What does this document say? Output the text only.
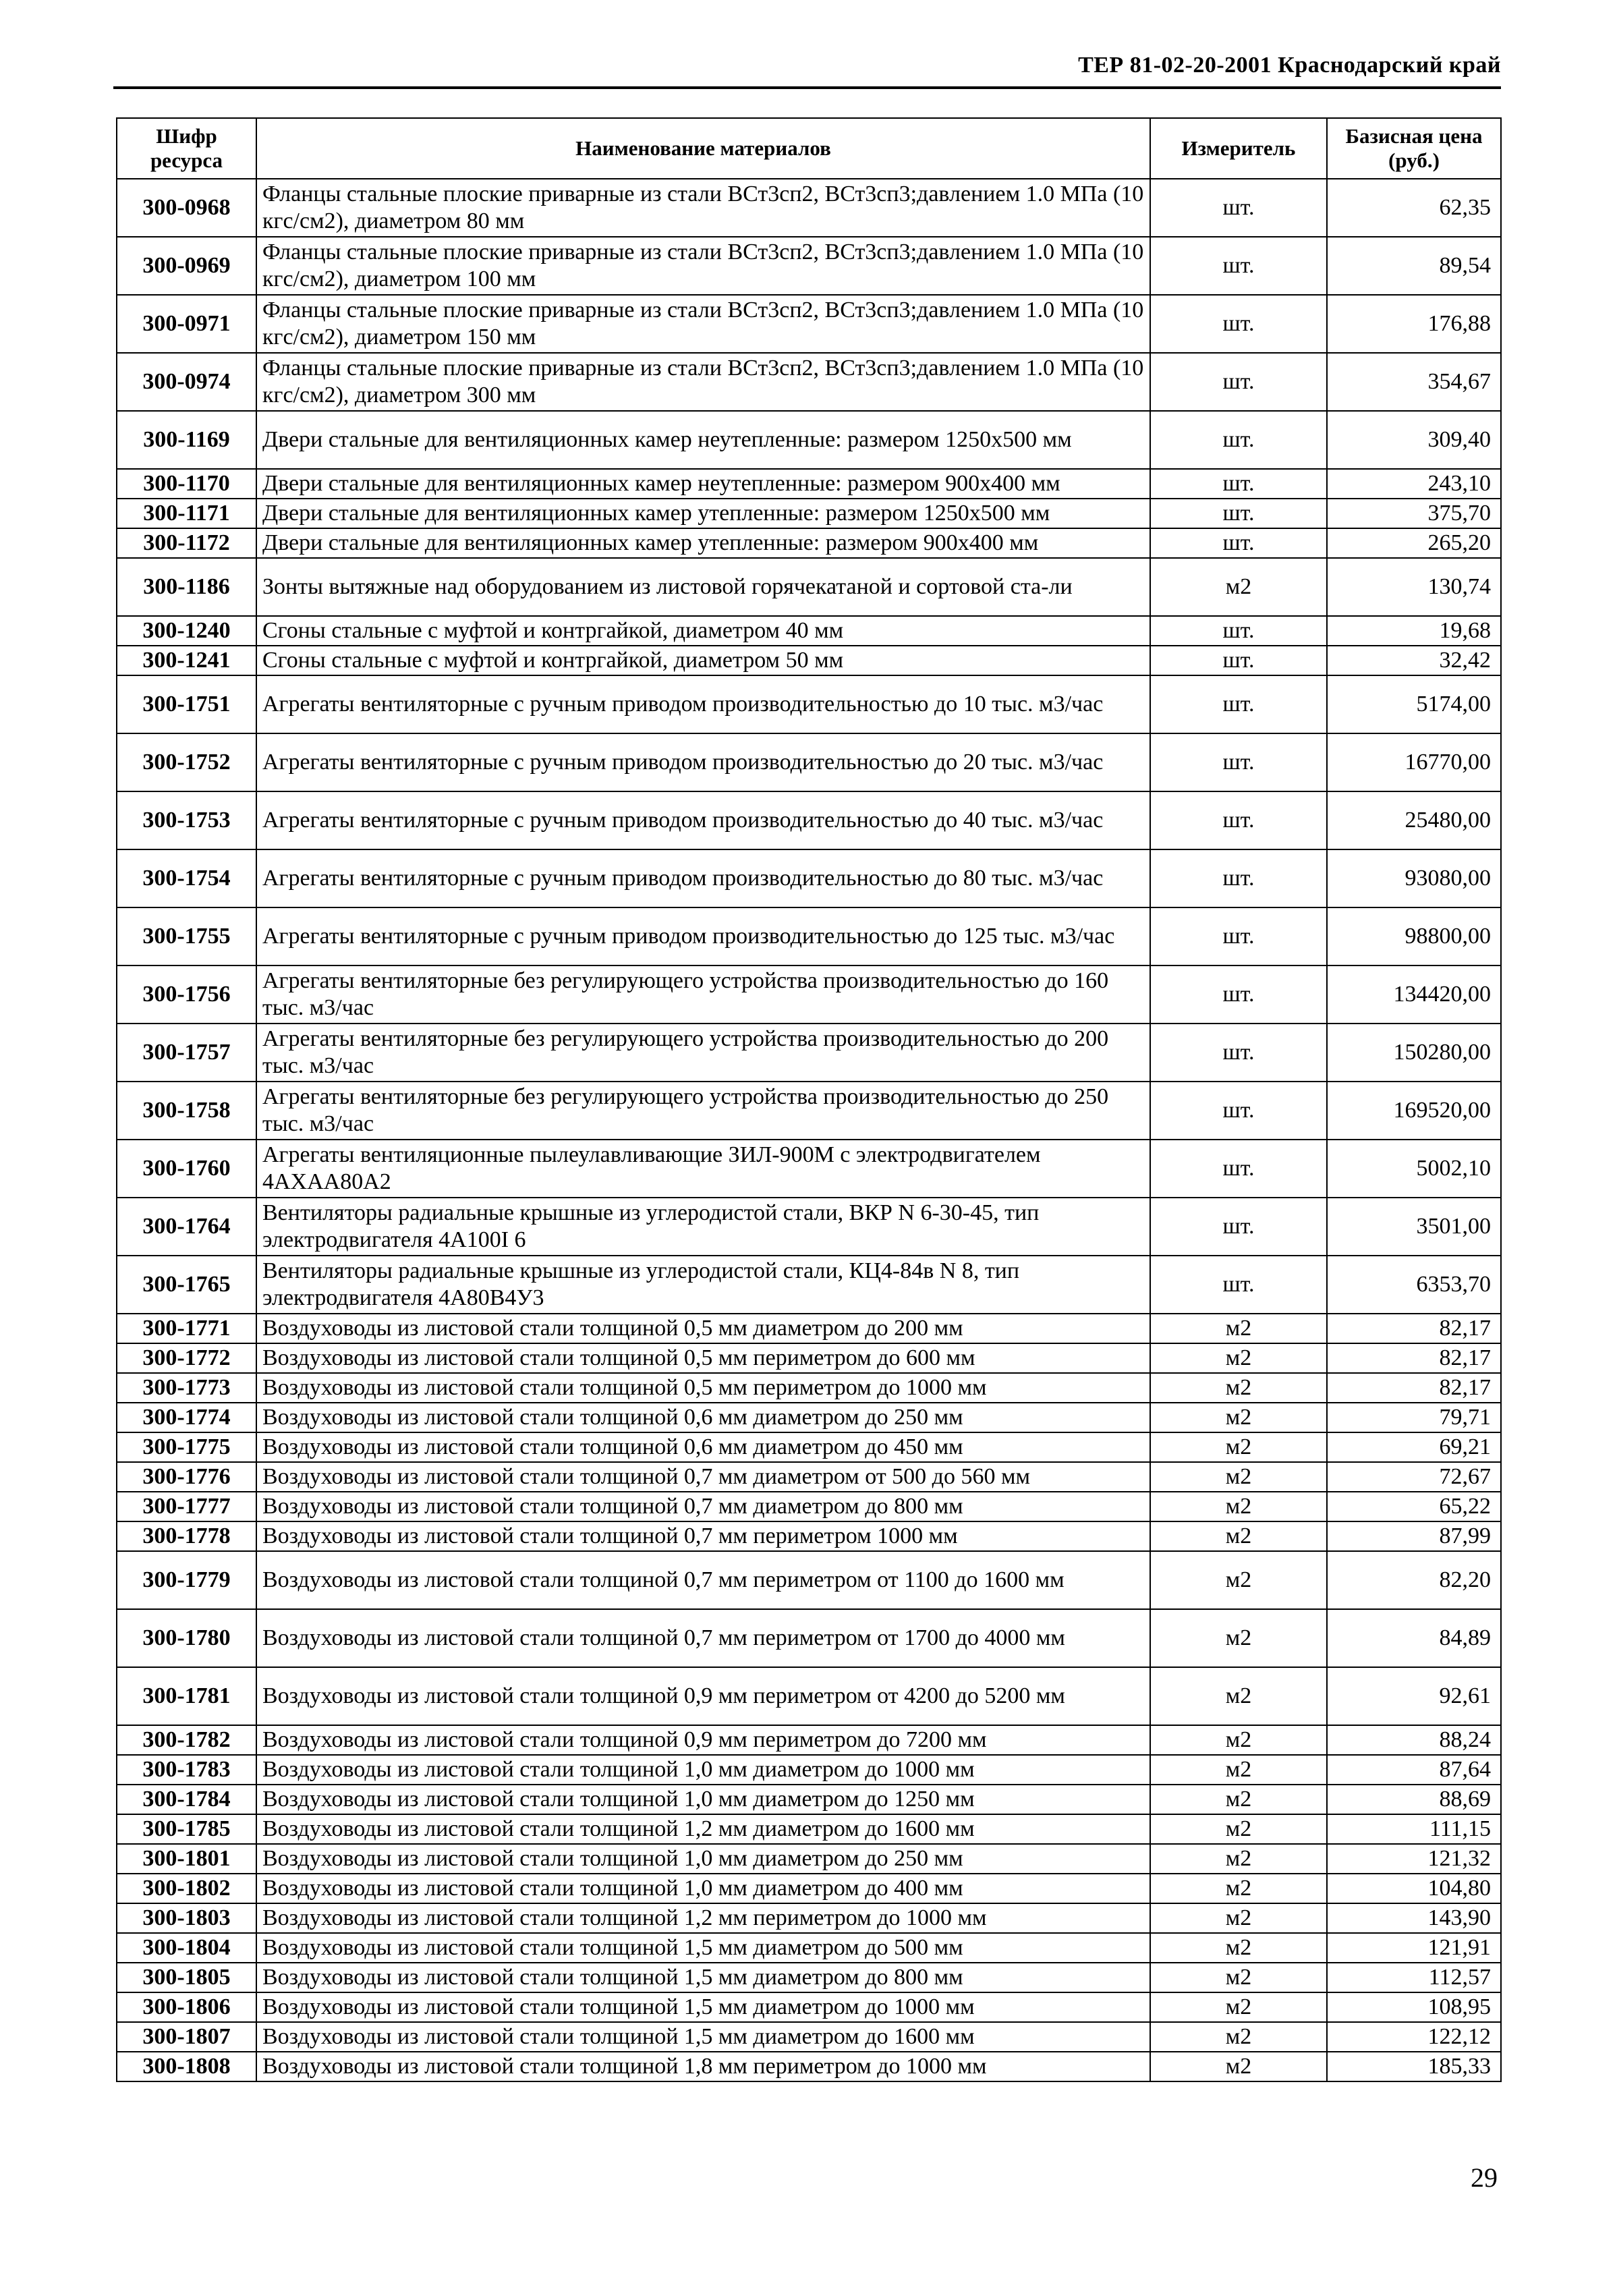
ТЕР 81-02-20-2001 Краснодарский край
Шифр ресурса	Наименование материалов	Измеритель	Базисная цена (руб.)
300-0968	Фланцы стальные плоские приварные из стали ВСт3сп2, ВСт3сп3;давлением 1.0 МПа (10 кгс/см2), диаметром 80 мм	шт.	62,35
300-0969	Фланцы стальные плоские приварные из стали ВСт3сп2, ВСт3сп3;давлением 1.0 МПа (10 кгс/см2), диаметром 100 мм	шт.	89,54
300-0971	Фланцы стальные плоские приварные из стали ВСт3сп2, ВСт3сп3;давлением 1.0 МПа (10 кгс/см2), диаметром 150 мм	шт.	176,88
300-0974	Фланцы стальные плоские приварные из стали ВСт3сп2, ВСт3сп3;давлением 1.0 МПа (10 кгс/см2), диаметром 300 мм	шт.	354,67
300-1169	Двери стальные для вентиляционных камер неутепленные: размером 1250х500 мм	шт.	309,40
300-1170	Двери стальные для вентиляционных камер неутепленные: размером 900х400 мм	шт.	243,10
300-1171	Двери стальные для вентиляционных камер утепленные: размером 1250х500 мм	шт.	375,70
300-1172	Двери стальные для вентиляционных камер утепленные: размером 900х400 мм	шт.	265,20
300-1186	Зонты вытяжные над оборудованием из листовой горячекатаной и сортовой ста-ли	м2	130,74
300-1240	Сгоны стальные с муфтой и контргайкой, диаметром 40 мм	шт.	19,68
300-1241	Сгоны стальные с муфтой и контргайкой, диаметром 50 мм	шт.	32,42
300-1751	Агрегаты вентиляторные с ручным приводом производительностью до 10 тыс. м3/час	шт.	5174,00
300-1752	Агрегаты вентиляторные с ручным приводом производительностью до 20 тыс. м3/час	шт.	16770,00
300-1753	Агрегаты вентиляторные с ручным приводом производительностью до 40 тыс. м3/час	шт.	25480,00
300-1754	Агрегаты вентиляторные с ручным приводом производительностью до 80 тыс. м3/час	шт.	93080,00
300-1755	Агрегаты вентиляторные с ручным приводом производительностью до 125 тыс. м3/час	шт.	98800,00
300-1756	Агрегаты вентиляторные без регулирующего устройства производительностью до 160 тыс. м3/час	шт.	134420,00
300-1757	Агрегаты вентиляторные без регулирующего устройства производительностью до 200 тыс. м3/час	шт.	150280,00
300-1758	Агрегаты вентиляторные без регулирующего устройства производительностью до 250 тыс. м3/час	шт.	169520,00
300-1760	Агрегаты вентиляционные пылеулавливающие ЗИЛ-900М с электродвигателем 4АХАА80А2	шт.	5002,10
300-1764	Вентиляторы радиальные крышные из углеродистой стали, ВКР N 6-30-45, тип электродвигателя 4А100I 6	шт.	3501,00
300-1765	Вентиляторы радиальные крышные из углеродистой стали, КЦ4-84в N 8, тип электродвигателя 4А80В4У3	шт.	6353,70
300-1771	Воздуховоды из листовой стали толщиной 0,5 мм диаметром до 200 мм	м2	82,17
300-1772	Воздуховоды из листовой стали толщиной 0,5 мм периметром до 600 мм	м2	82,17
300-1773	Воздуховоды из листовой стали толщиной 0,5 мм периметром до 1000 мм	м2	82,17
300-1774	Воздуховоды из листовой стали толщиной 0,6 мм диаметром до 250 мм	м2	79,71
300-1775	Воздуховоды из листовой стали толщиной 0,6 мм диаметром до 450 мм	м2	69,21
300-1776	Воздуховоды из листовой стали толщиной 0,7 мм диаметром от 500 до 560 мм	м2	72,67
300-1777	Воздуховоды из листовой стали толщиной 0,7 мм диаметром до 800 мм	м2	65,22
300-1778	Воздуховоды из листовой стали толщиной 0,7 мм периметром 1000 мм	м2	87,99
300-1779	Воздуховоды из листовой стали толщиной 0,7 мм периметром от 1100 до 1600 мм	м2	82,20
300-1780	Воздуховоды из листовой стали толщиной 0,7 мм периметром от 1700 до 4000 мм	м2	84,89
300-1781	Воздуховоды из листовой стали толщиной 0,9 мм периметром от 4200 до 5200 мм	м2	92,61
300-1782	Воздуховоды из листовой стали толщиной 0,9 мм периметром до 7200 мм	м2	88,24
300-1783	Воздуховоды из листовой стали толщиной 1,0 мм диаметром до 1000 мм	м2	87,64
300-1784	Воздуховоды из листовой стали толщиной 1,0 мм диаметром до 1250 мм	м2	88,69
300-1785	Воздуховоды из листовой стали толщиной 1,2 мм диаметром до 1600 мм	м2	111,15
300-1801	Воздуховоды из листовой стали толщиной 1,0 мм диаметром до 250 мм	м2	121,32
300-1802	Воздуховоды из листовой стали толщиной 1,0 мм диаметром до 400 мм	м2	104,80
300-1803	Воздуховоды из листовой стали толщиной 1,2 мм периметром до 1000 мм	м2	143,90
300-1804	Воздуховоды из листовой стали толщиной 1,5 мм диаметром до 500 мм	м2	121,91
300-1805	Воздуховоды из листовой стали толщиной 1,5 мм диаметром до 800 мм	м2	112,57
300-1806	Воздуховоды из листовой стали толщиной 1,5 мм диаметром до 1000 мм	м2	108,95
300-1807	Воздуховоды из листовой стали толщиной 1,5 мм диаметром до 1600 мм	м2	122,12
300-1808	Воздуховоды из листовой стали толщиной 1,8 мм периметром до 1000 мм	м2	185,33
29
